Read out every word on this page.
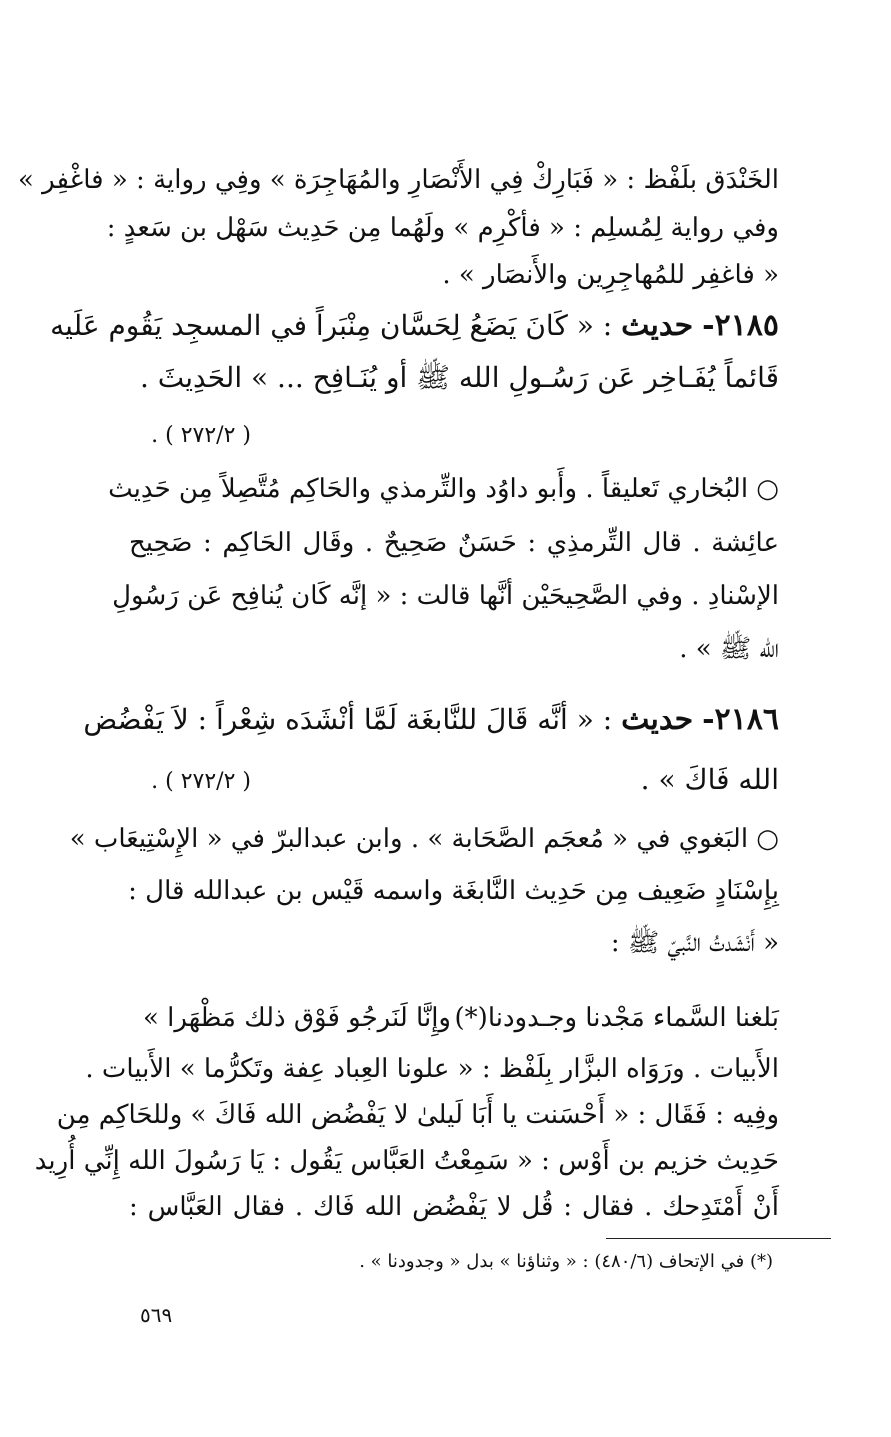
الخَنْدَق بلَفْظ : « فَبَارِكْ فِي الأَنْصَارِ والمُهَاجِرَة » وفِي رواية : « فاغْفِر »
وفي رواية لِمُسلِم : « فأكْرِم » ولَهُما مِن حَدِيث سَهْل بن سَعدٍ :
« فاغفِر للمُهاجِرِين والأَنصَار » .
٢١٨٥- حديث : « كَانَ يَضَعُ لِحَسَّان مِنْبَراً في المسجِد يَقُوم عَلَيه
قَائماً يُفَـاخِر عَن رَسُـولِ الله ﷺ أو يُنَـافِح ... » الحَدِيثَ .
( ٢٧٢/٢ ) .
○ البُخاري تَعليقاً . وأَبو داوُد والتِّرمذي والحَاكِم مُتَّصِلاً مِن حَدِيث
عائِشة . قال التِّرمذِي : حَسَنٌ صَحِيحٌ . وقَال الحَاكِم : صَحِيح
الإسْنادِ . وفي الصَّحِيحَيْن أنَّها قالت : « إنَّه كَان يُنافِح عَن رَسُولِ
الله ﷺ » .
٢١٨٦- حديث : « أنَّه قَالَ للنَّابغَة لَمَّا أنْشَدَه شِعْراً : لاَ يَفْضُض
الله فَاكَ » .
( ٢٧٢/٢ ) .
○ البَغوي في « مُعجَم الصَّحَابة » . وابن عبدالبرّ في « الإِسْتِيعَاب »
بِإِسْنَادٍ ضَعِيف مِن حَدِيث النَّابغَة واسمه قَيْس بن عبدالله قال :
« أَنْشَدتُ النَّبيّ ﷺ :
بَلغنا السَّماء مَجْدنا وجـدودنا(*)
وإِنَّا لَنَرجُو فَوْق ذلك مَظْهَرا »
الأَبيات . ورَوَاه البزَّار بِلَفْظ : « علونا العِباد عِفة وتَكرُّما » الأَبيات .
وفِيه : فَقَال : « أَحْسَنت يا أَبَا لَيلىٰ لا يَفْضُض الله فَاكَ » وللحَاكِم مِن
حَدِيث خزيم بن أَوْس : « سَمِعْتُ العَبَّاس يَقُول : يَا رَسُولَ الله إِنِّي أُرِيد
أَنْ أَمْتَدِحك . فقال : قُل لا يَفْضُض الله فَاك . فقال العَبَّاس :
(*) في الإتحاف (٤٨٠/٦) : « وثناؤنا » بدل « وجدودنا » .
٥٦٩
